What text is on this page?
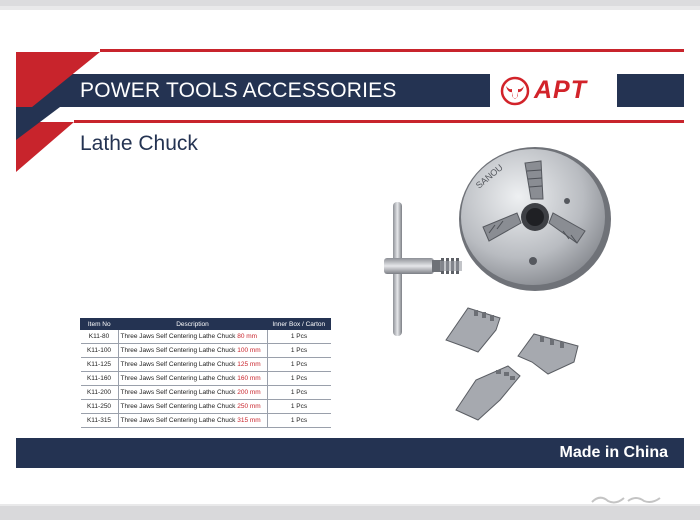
POWER TOOLS ACCESSORIES	APT
Lathe Chuck
SANOU
Item No	Description	Inner Box / Carton
K11-80	Three Jaws Self Centering Lathe Chuck 80 mm	1 Pcs
K11-100	Three Jaws Self Centering Lathe Chuck 100 mm	1 Pcs
K11-125	Three Jaws Self Centering Lathe Chuck 125 mm	1 Pcs
K11-160	Three Jaws Self Centering Lathe Chuck 160 mm	1 Pcs
K11-200	Three Jaws Self Centering Lathe Chuck 200 mm	1 Pcs
K11-250	Three Jaws Self Centering Lathe Chuck 250 mm	1 Pcs
K11-315	Three Jaws Self Centering Lathe Chuck 315 mm	1 Pcs
Made in China
